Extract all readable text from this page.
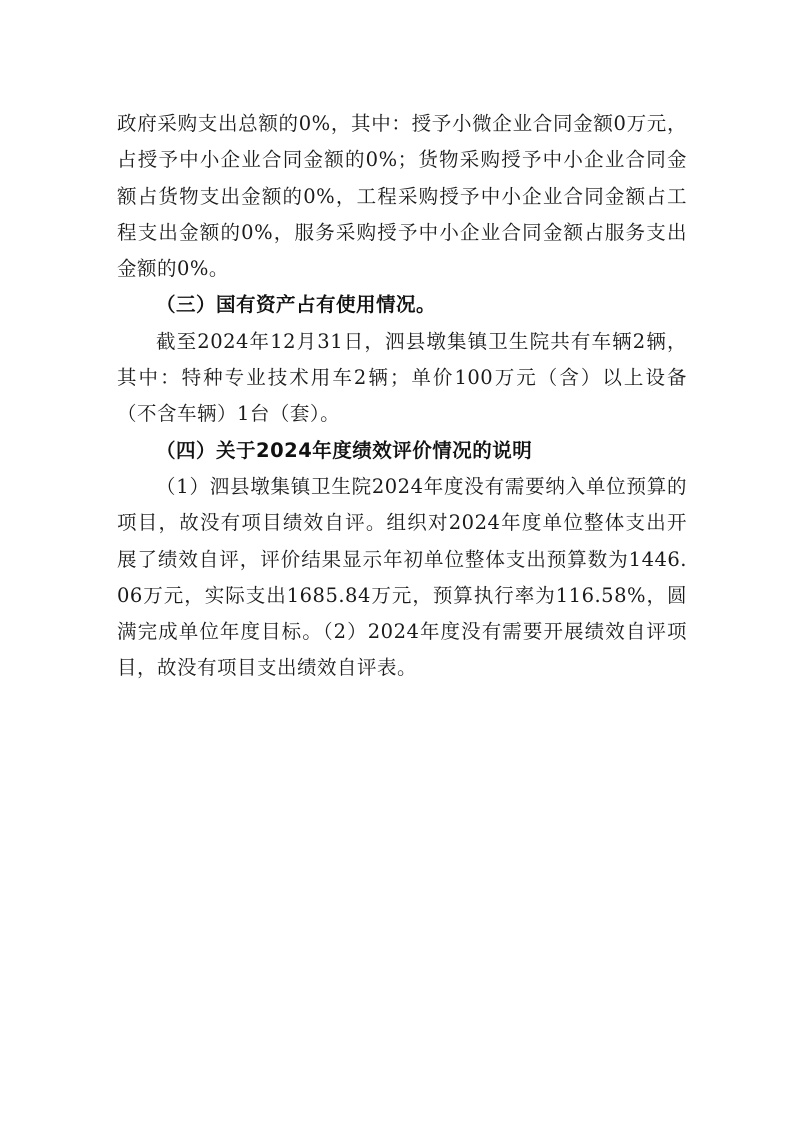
政府采购支出总额的0%，其中：授予小微企业合同金额0万元，占授予中小企业合同金额的0%；货物采购授予中小企业合同金额占货物支出金额的0%，工程采购授予中小企业合同金额占工程支出金额的0%，服务采购授予中小企业合同金额占服务支出金额的0%。

（三）国有资产占有使用情况。

截至2024年12月31日，泗县墩集镇卫生院共有车辆2辆，其中：特种专业技术用车2辆；单价100万元（含）以上设备（不含车辆）1台（套）。

（四）关于2024年度绩效评价情况的说明

（1）泗县墩集镇卫生院2024年度没有需要纳入单位预算的项目，故没有项目绩效自评。组织对2024年度单位整体支出开展了绩效自评，评价结果显示年初单位整体支出预算数为1446.06万元，实际支出1685.84万元，预算执行率为116.58%，圆满完成单位年度目标。（2）2024年度没有需要开展绩效自评项目，故没有项目支出绩效自评表。
